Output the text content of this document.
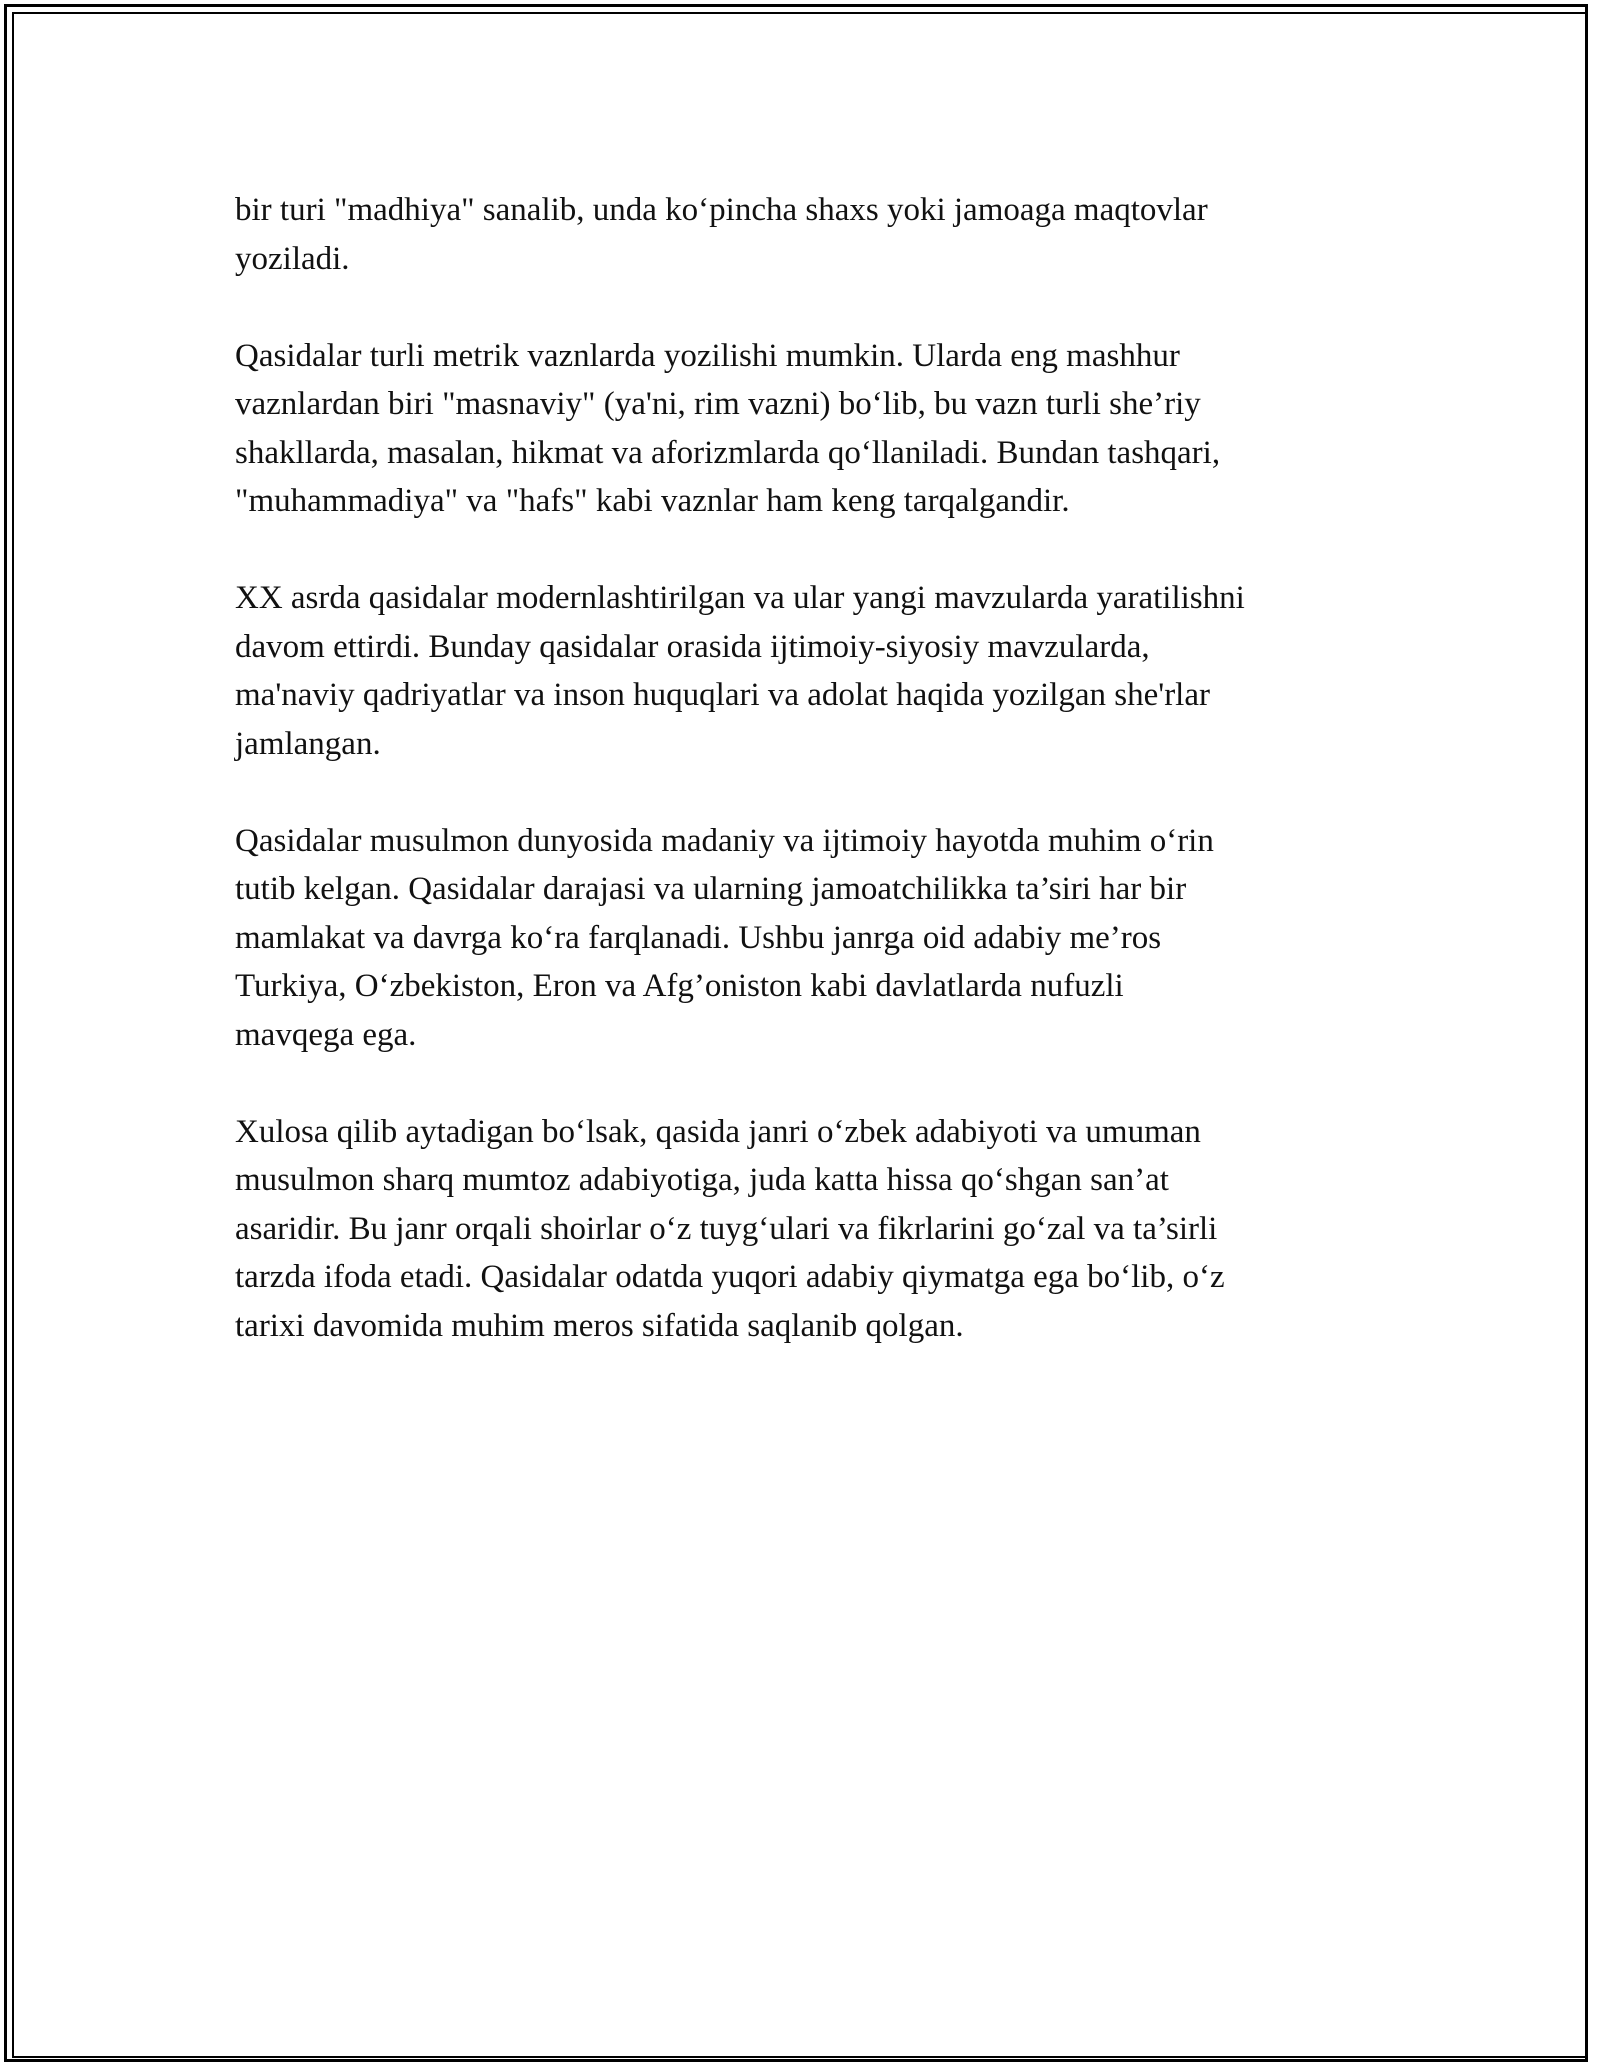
bir turi "madhiya" sanalib, unda ko‘pincha shaxs yoki jamoaga maqtovlar
yoziladi.

Qasidalar turli metrik vaznlarda yozilishi mumkin. Ularda eng mashhur
vaznlardan biri "masnaviy" (ya'ni, rim vazni) bo‘lib, bu vazn turli she’riy
shakllarda, masalan, hikmat va aforizmlarda qo‘llaniladi. Bundan tashqari,
"muhammadiya" va "hafs" kabi vaznlar ham keng tarqalgandir.

XX asrda qasidalar modernlashtirilgan va ular yangi mavzularda yaratilishni
davom ettirdi. Bunday qasidalar orasida ijtimoiy-siyosiy mavzularda,
ma'naviy qadriyatlar va inson huquqlari va adolat haqida yozilgan she'rlar
jamlangan.

Qasidalar musulmon dunyosida madaniy va ijtimoiy hayotda muhim o‘rin
tutib kelgan. Qasidalar darajasi va ularning jamoatchilikka ta’siri har bir
mamlakat va davrga ko‘ra farqlanadi. Ushbu janrga oid adabiy me’ros
Turkiya, O‘zbekiston, Eron va Afg’oniston kabi davlatlarda nufuzli
mavqega ega.

Xulosa qilib aytadigan bo‘lsak, qasida janri o‘zbek adabiyoti va umuman
musulmon sharq mumtoz adabiyotiga, juda katta hissa qo‘shgan san’at
asaridir. Bu janr orqali shoirlar o‘z tuyg‘ulari va fikrlarini go‘zal va ta’sirli
tarzda ifoda etadi. Qasidalar odatda yuqori adabiy qiymatga ega bo‘lib, o‘z
tarixi davomida muhim meros sifatida saqlanib qolgan.
